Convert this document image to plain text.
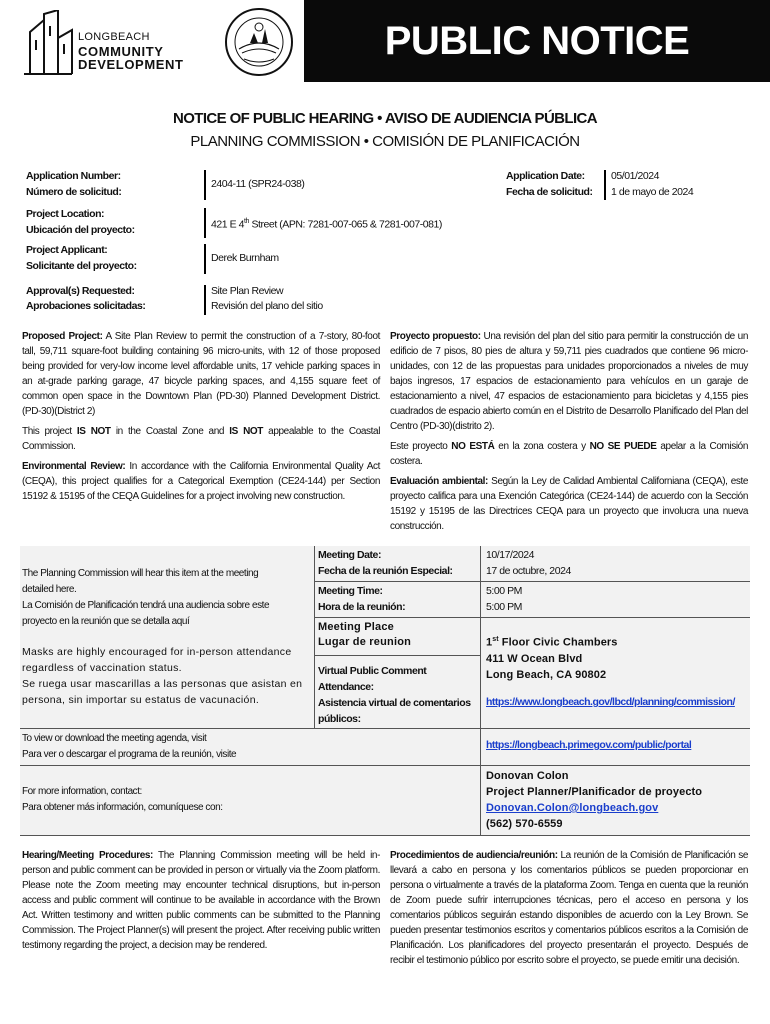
LONGBEACH
COMMUNITY
DEVELOPMENT
PUBLIC NOTICE
NOTICE OF PUBLIC HEARING • AVISO DE AUDIENCIA PÚBLICA
PLANNING COMMISSION • COMISIÓN DE PLANIFICACIÓN
Application Number:
Número de solicitud:
2404-11 (SPR24-038)
Application Date:
Fecha de solicitud:
05/01/2024
1 de mayo de 2024
Project Location:
Ubicación del proyecto:	421 E 4th Street (APN: 7281-007-065 & 7281-007-081)
Project Applicant:
Solicitante del proyecto:
Derek Burnham
Approval(s) Requested:
Aprobaciones solicitadas:
Site Plan Review
Revisión del plano del sitio

Proposed Project: A Site Plan Review to permit the construction of a 7-story, 80-foot tall, 59,711 square-foot building containing 96 micro-units, with 12 of those proposed being provided for very-low income level affordable units, 17 vehicle parking spaces in an at-grade parking garage, 47 bicycle parking spaces, and 4,155 square feet of common open space in the Downtown Plan (PD-30) Planned Development District. (PD-30)(District 2)

This project IS NOT in the Coastal Zone and IS NOT appealable to the Coastal Commission.

Environmental Review: In accordance with the California Environmental Quality Act (CEQA), this project qualifies for a Categorical Exemption (CE24-144) per Section 15192 & 15195 of the CEQA Guidelines for a project involving new construction.

Proyecto propuesto: Una revisión del plan del sitio para permitir la construcción de un edificio de 7 pisos, 80 pies de altura y 59,711 pies cuadrados que contiene 96 micro-unidades, con 12 de las propuestas para unidades proporcionados a niveles de muy bajos ingresos, 17 espacios de estacionamiento para vehículos en un garaje de estacionamiento a nivel, 47 espacios de estacionamiento para bicicletas y 4,155 pies cuadrados de espacio abierto común en el Distrito de Desarrollo Planificado del Plan del Centro (PD-30)(distrito 2).

Este proyecto NO ESTÁ en la zona costera y NO SE PUEDE apelar a la Comisión costera.

Evaluación ambiental: Según la Ley de Calidad Ambiental Californiana (CEQA), este proyecto califica para una Exención Categórica (CE24-144) de acuerdo con la Sección 15192 y 15195 de las Directrices CEQA para un proyecto que involucra una nueva construcción.

The Planning Commission will hear this item at the meeting
detailed here.
La Comisión de Planificación tendrá una audiencia sobre este
proyecto en la reunión que se detalla aquí
Masks are highly encouraged for in-person attendance
regardless of vaccination status.
Se ruega usar mascarillas a las personas que asistan en
persona, sin importar su estatus de vacunación.
Meeting Date:
Fecha de la reunión Especial:
10/17/2024
17 de octubre, 2024
Meeting Time:
Hora de la reunión:
5:00 PM
5:00 PM
Meeting Place
Lugar de reunion	1st Floor Civic Chambers
411 W Ocean Blvd
Long Beach, CA 90802
Virtual Public Comment
Attendance:
Asistencia virtual de comentarios
públicos:
https://www.longbeach.gov/lbcd/planning/commission/
To view or download the meeting agenda, visit
Para ver o descargar el programa de la reunión, visite
https://longbeach.primegov.com/public/portal
For more information, contact:
Para obtener más información, comuníquese con:
Donovan Colon
Project Planner/Planificador de proyecto
Donovan.Colon@longbeach.gov
(562) 570-6559

Hearing/Meeting Procedures: The Planning Commission meeting will be held in-person and public comment can be provided in person or virtually via the Zoom platform. Please note the Zoom meeting may encounter technical disruptions, but in-person access and public comment will continue to be available in accordance with the Brown Act. Written testimony and written public comments can be submitted to the Planning Commission. The Project Planner(s) will present the project. After receiving public written testimony regarding the project, a decision may be rendered.

Procedimientos de audiencia/reunión: La reunión de la Comisión de Planificación se llevará a cabo en persona y los comentarios públicos se pueden proporcionar en persona o virtualmente a través de la plataforma Zoom. Tenga en cuenta que la reunión de Zoom puede sufrir interrupciones técnicas, pero el acceso en persona y los comentarios públicos seguirán estando disponibles de acuerdo con la Ley Brown. Se pueden presentar testimonios escritos y comentarios públicos escritos a la Comisión de Planificación. Los planificadores del proyecto presentarán el proyecto. Después de recibir el testimonio público por escrito sobre el proyecto, se puede emitir una decisión.
